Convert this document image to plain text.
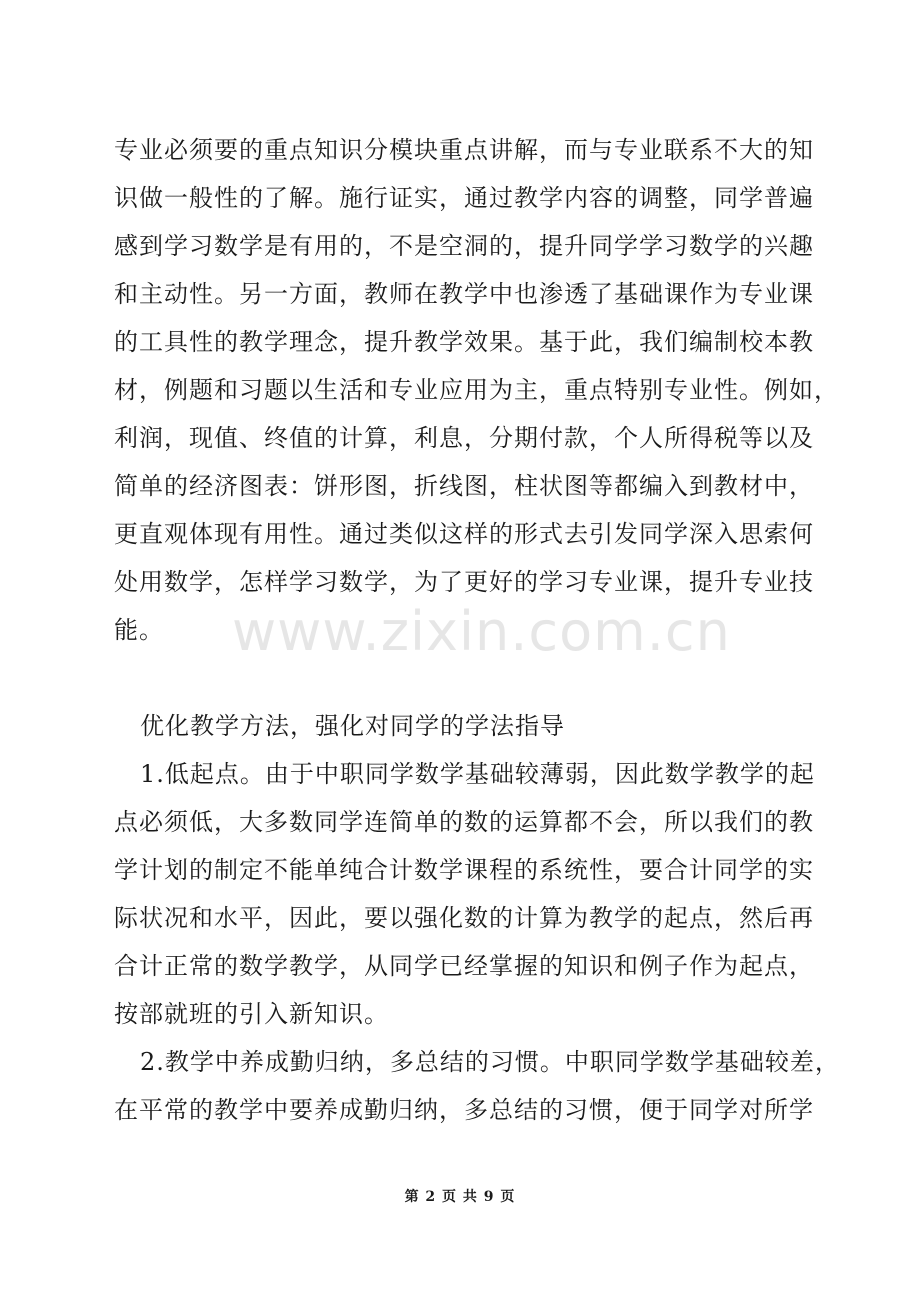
专业必须要的重点知识分模块重点讲解，而与专业联系不大的知
识做一般性的了解。施行证实，通过教学内容的调整，同学普遍
感到学习数学是有用的，不是空洞的，提升同学学习数学的兴趣
和主动性。另一方面，教师在教学中也渗透了基础课作为专业课
的工具性的教学理念，提升教学效果。基于此，我们编制校本教
材，例题和习题以生活和专业应用为主，重点特别专业性。例如，
利润，现值、终值的计算，利息，分期付款，个人所得税等以及
简单的经济图表：饼形图，折线图，柱状图等都编入到教材中，
更直观体现有用性。通过类似这样的形式去引发同学深入思索何
处用数学，怎样学习数学，为了更好的学习专业课，提升专业技
能。
优化教学方法，强化对同学的学法指导
1.低起点。由于中职同学数学基础较薄弱，因此数学教学的起
点必须低，大多数同学连简单的数的运算都不会，所以我们的教
学计划的制定不能单纯合计数学课程的系统性，要合计同学的实
际状况和水平，因此，要以强化数的计算为教学的起点，然后再
合计正常的数学教学，从同学已经掌握的知识和例子作为起点，
按部就班的引入新知识。
2.教学中养成勤归纳，多总结的习惯。中职同学数学基础较差，
在平常的教学中要养成勤归纳，多总结的习惯，便于同学对所学
www.zixin.com.cn
第 2 页 共 9 页
